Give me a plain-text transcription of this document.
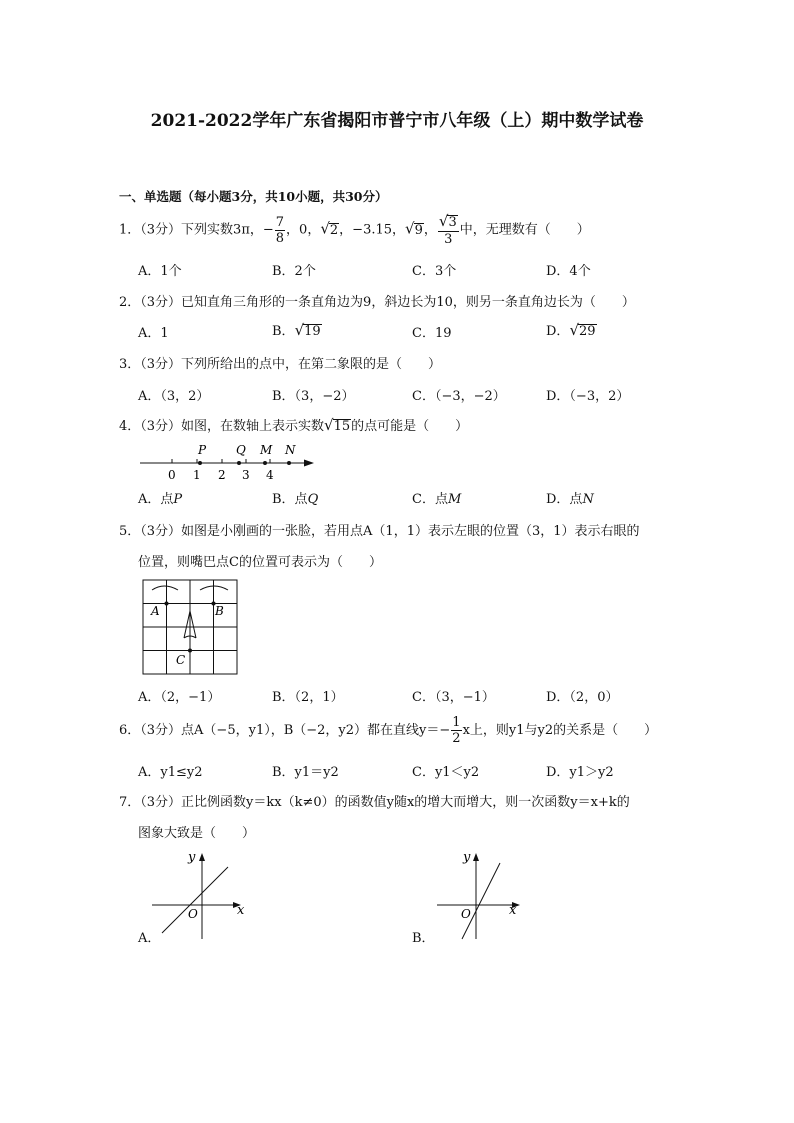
2021-2022学年广东省揭阳市普宁市八年级（上）期中数学试卷
一、单选题（每小题3分，共10小题，共30分）
1．（3分）下列实数3π，− $\frac{7}{8}$ ，0，√2，−3.15，√9， $\frac{√3}{3}$ 中，无理数有（　　）
A．1个	B．2个	C．3个	D．4个
2．（3分）已知直角三角形的一条直角边为9，斜边长为10，则另一条直角边长为（　　）
A．1	B．√19	C．19	D．√29
3．（3分）下列所给出的点中，在第二象限的是（　　）
A．（3，2）	B．（3，−2）	C．（−3，−2）	D．（−3，2）
4．（3分）如图，在数轴上表示实数√15的点可能是（　　）
0 1 2 3 4
P Q M N
A．点P	B．点Q	C．点M	D．点N
5．（3分）如图是小刚画的一张脸，若用点A（1，1）表示左眼的位置（3，1）表示右眼的
位置，则嘴巴点C的位置可表示为（　　）
A	B
C
A．（2，−1）	B．（2，1）	C．（3，−1）	D．（2，0）
6．（3分）点A（−5，y1），B（−2，y2）都在直线$y=- \frac{1}{2}$ x上，则y1与y2的关系是（　　）
A．y1≤y2	B．y1＝y2	C．y1＜y2	D．y1＞y2
7．（3分）正比例函数y＝kx（k≠0）的函数值y随x的增大而增大，则一次函数y＝x+k的
图象大致是（　　）
y
x
O
A．
y
x
O
B．
